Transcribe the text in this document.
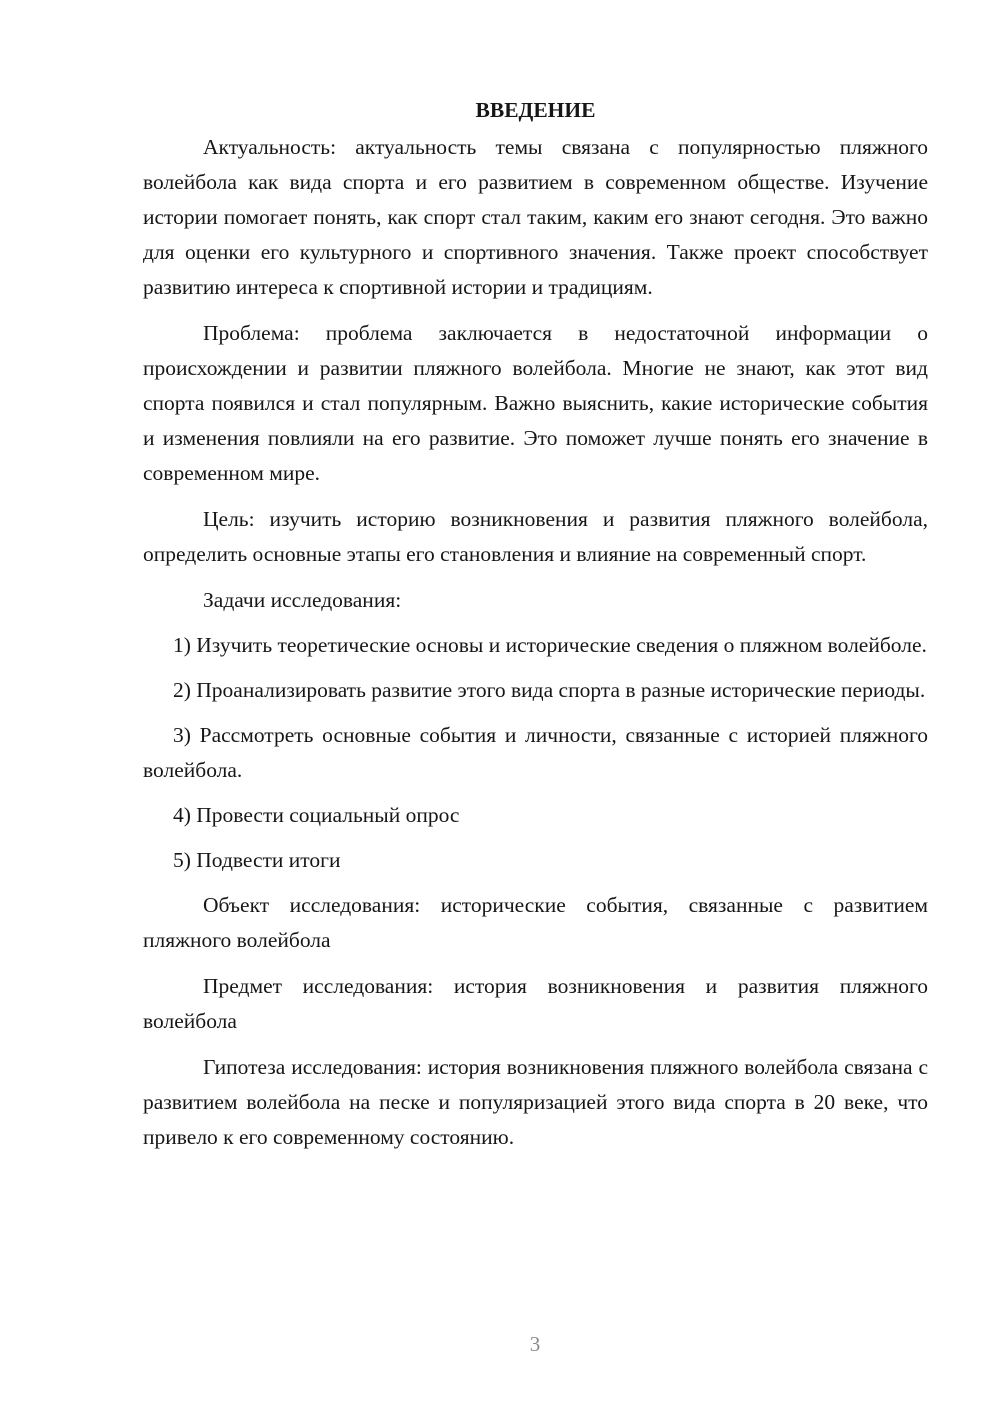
ВВЕДЕНИЕ

Актуальность: актуальность темы связана с популярностью пляжного волейбола как вида спорта и его развитием в современном обществе. Изучение истории помогает понять, как спорт стал таким, каким его знают сегодня. Это важно для оценки его культурного и спортивного значения. Также проект способствует развитию интереса к спортивной истории и традициям.

Проблема: проблема заключается в недостаточной информации о происхождении и развитии пляжного волейбола. Многие не знают, как этот вид спорта появился и стал популярным. Важно выяснить, какие исторические события и изменения повлияли на его развитие. Это поможет лучше понять его значение в современном мире.

Цель: изучить историю возникновения и развития пляжного волейбола, определить основные этапы его становления и влияние на современный спорт.

Задачи исследования:

1) Изучить теоретические основы и исторические сведения о пляжном волейболе.

2) Проанализировать развитие этого вида спорта в разные исторические периоды.

3) Рассмотреть основные события и личности, связанные с историей пляжного волейбола.

4) Провести социальный опрос

5) Подвести итоги

Объект исследования: исторические события, связанные с развитием пляжного волейбола

Предмет исследования: история возникновения и развития пляжного волейбола

Гипотеза исследования: история возникновения пляжного волейбола связана с развитием волейбола на песке и популяризацией этого вида спорта в 20 веке, что привело к его современному состоянию.

3
